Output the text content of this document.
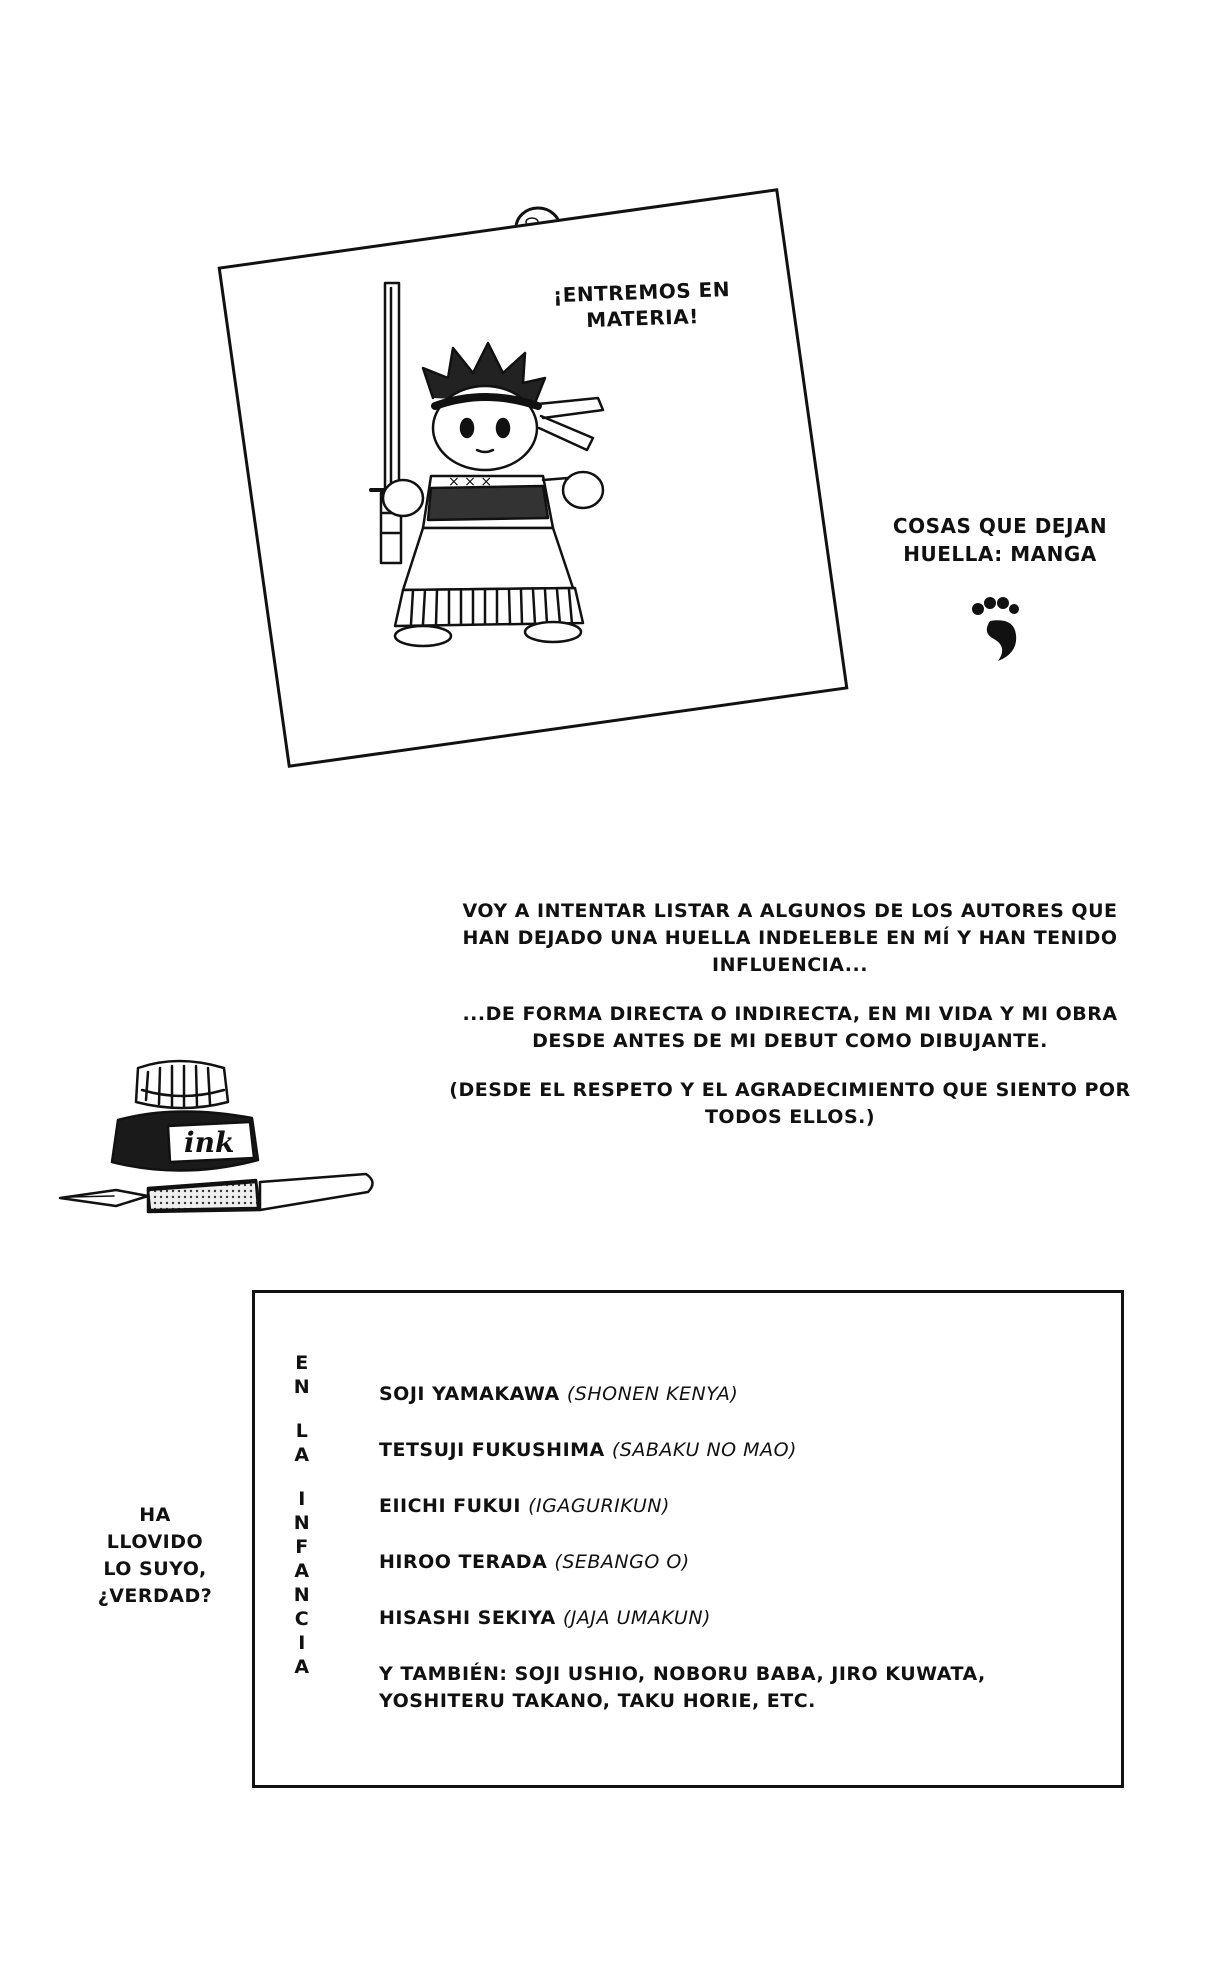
× × ×
¡ENTREMOS EN MATERIA!
COSAS QUE DEJAN
HUELLA: MANGA

VOY A INTENTAR LISTAR A ALGUNOS DE LOS AUTORES QUE HAN DEJADO UNA HUELLA INDELEBLE EN MÍ Y HAN TENIDO INFLUENCIA...

...DE FORMA DIRECTA O INDIRECTA, EN MI VIDA Y MI OBRA DESDE ANTES DE MI DEBUT COMO DIBUJANTE.

(DESDE EL RESPETO Y EL AGRADECIMIENTO QUE SIENTO POR TODOS ELLOS.)

ink
HA
LLOVIDO
LO SUYO,
¿VERDAD?
E
N
L
A
I
N
F
A
N
C
I
A
SOJI YAMAKAWA (SHONEN KENYA)
TETSUJI FUKUSHIMA (SABAKU NO MAO)
EIICHI FUKUI (IGAGURIKUN)
HIROO TERADA (SEBANGO O)
HISASHI SEKIYA (JAJA UMAKUN)
Y TAMBIÉN: SOJI USHIO, NOBORU BABA, JIRO KUWATA, YOSHITERU TAKANO, TAKU HORIE, ETC.
